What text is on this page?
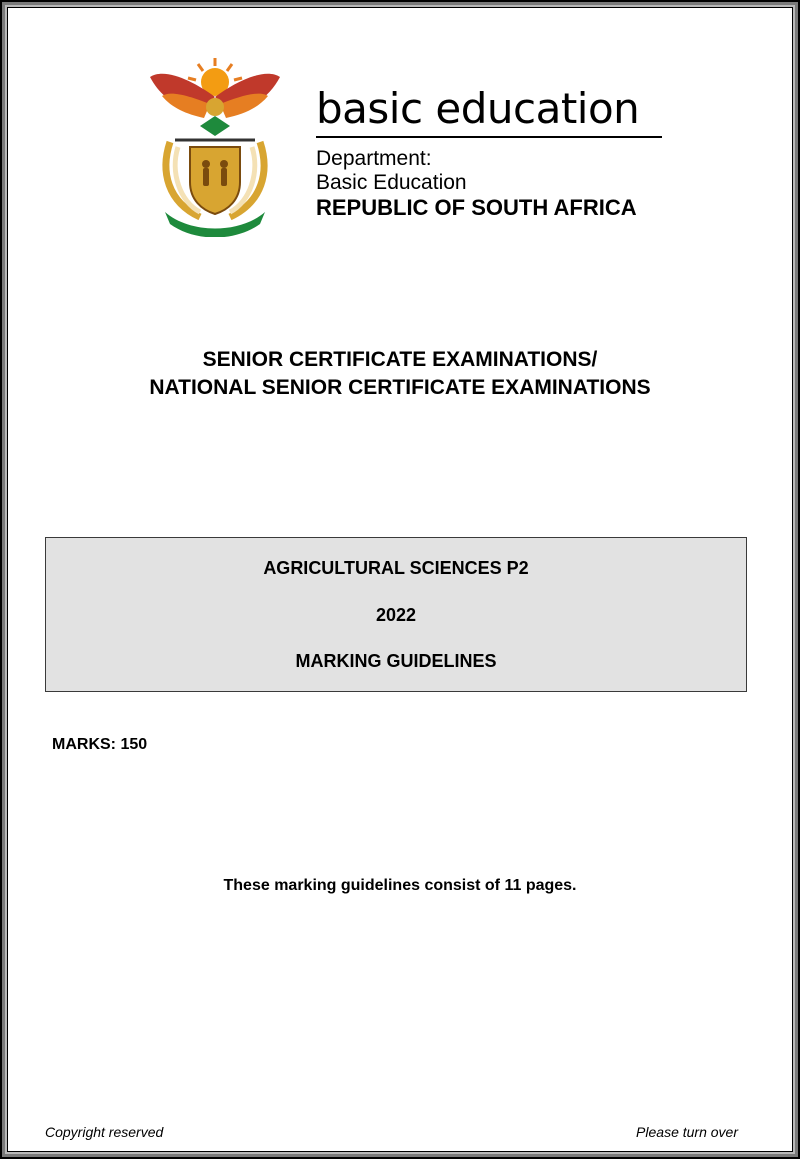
basic education
Department:
Basic Education
REPUBLIC OF SOUTH AFRICA
SENIOR CERTIFICATE EXAMINATIONS/
NATIONAL SENIOR CERTIFICATE EXAMINATIONS
AGRICULTURAL SCIENCES P2
2022
MARKING GUIDELINES
MARKS: 150
These marking guidelines consist of 11 pages.
Copyright reserved	Please turn over
